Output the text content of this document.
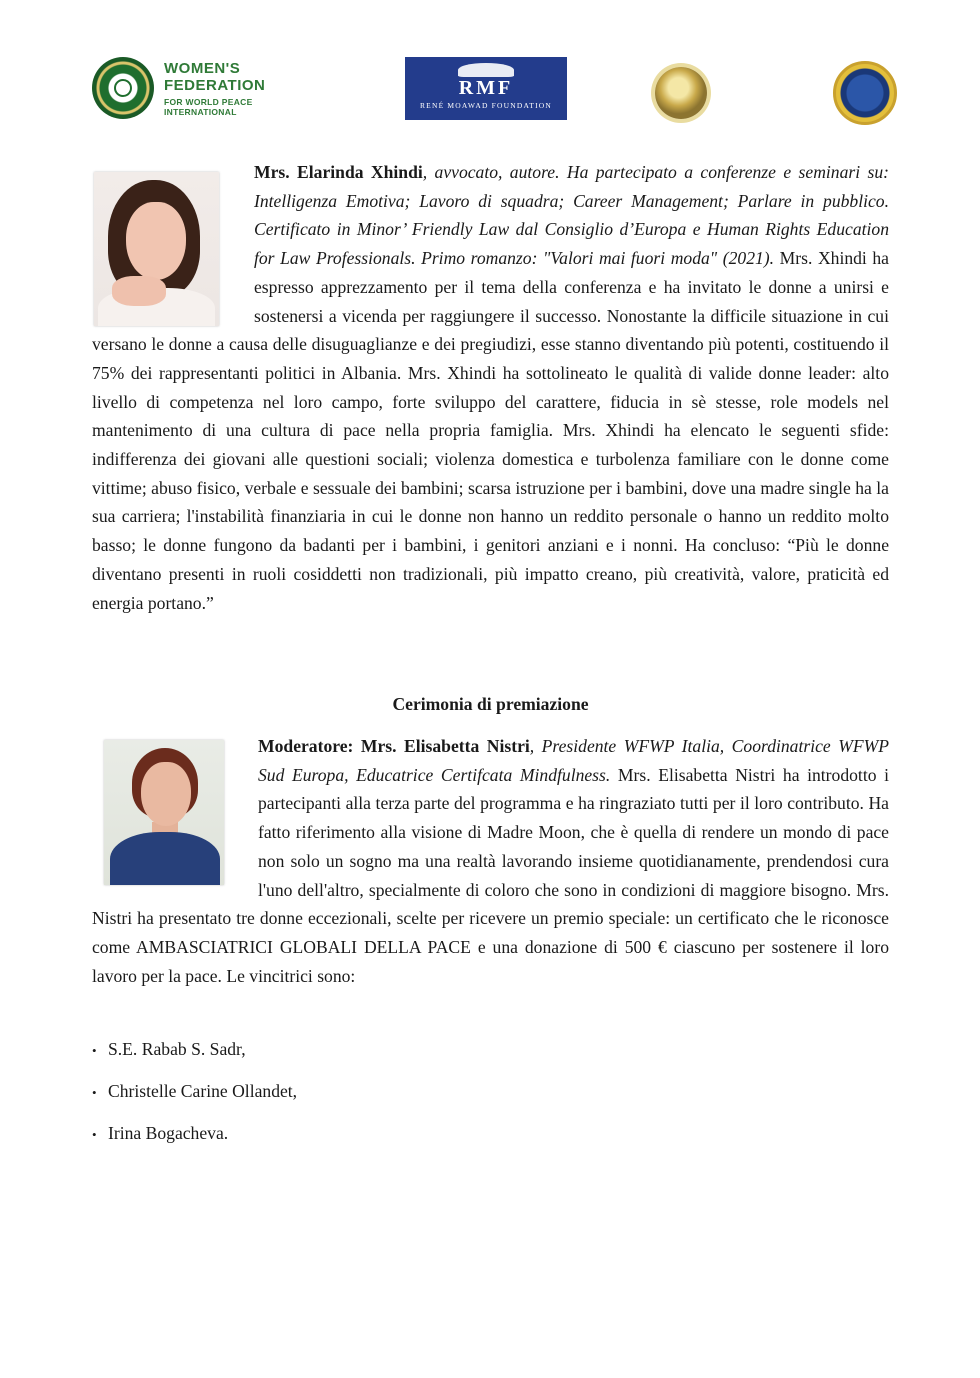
WOMEN'S FEDERATION
FOR WORLD PEACE INTERNATIONAL
RMF
RENÉ MOAWAD FOUNDATION
Mrs. Elarinda Xhindi, avvocato, autore. Ha partecipato a conferenze e seminari su: Intelligenza Emotiva; Lavoro di squadra; Career Management; Parlare in pubblico. Certificato in Minor’ Friendly Law dal Consiglio d’Europa e Human Rights Education for Law Professionals. Primo romanzo: "Valori mai fuori moda" (2021). Mrs. Xhindi ha espresso apprezzamento per il tema della conferenza e ha invitato le donne a unirsi e sostenersi a vicenda per raggiungere il successo. Nonostante la difficile situazione in cui versano le donne a causa delle disuguaglianze e dei pregiudizi, esse stanno diventando più potenti, costituendo il 75% dei rappresentanti politici in Albania. Mrs. Xhindi ha sottolineato le qualità di valide donne leader: alto livello di competenza nel loro campo, forte sviluppo del carattere, fiducia in sè stesse, role models nel mantenimento di una cultura di pace nella propria famiglia. Mrs. Xhindi ha elencato le seguenti sfide: indifferenza dei giovani alle questioni sociali; violenza domestica e turbolenza familiare con le donne come vittime; abuso fisico, verbale e sessuale dei bambini; scarsa istruzione per i bambini, dove una madre single ha la sua carriera; l'instabilità finanziaria in cui le donne non hanno un reddito personale o hanno un reddito molto basso; le donne fungono da badanti per i bambini, i genitori anziani e i nonni. Ha concluso: “Più le donne diventano presenti in ruoli cosiddetti non tradizionali, più impatto creano, più creatività, valore, praticità ed energia portano.”
Cerimonia di premiazione
Moderatore: Mrs. Elisabetta Nistri, Presidente WFWP Italia, Coordinatrice WFWP Sud Europa, Educatrice Certifcata Mindfulness. Mrs. Elisabetta Nistri ha introdotto i partecipanti alla terza parte del programma e ha ringraziato tutti per il loro contributo. Ha fatto riferimento alla visione di Madre Moon, che è quella di rendere un mondo di pace non solo un sogno ma una realtà lavorando insieme quotidianamente, prendendosi cura l'uno dell'altro, specialmente di coloro che sono in condizioni di maggiore bisogno. Mrs. Nistri ha presentato tre donne eccezionali, scelte per ricevere un premio speciale: un certificato che le riconosce come AMBASCIATRICI GLOBALI DELLA PACE e una donazione di 500 € ciascuno per sostenere il loro lavoro per la pace. Le vincitrici sono:
• S.E. Rabab S. Sadr,
• Christelle Carine Ollandet,
• Irina Bogacheva.
